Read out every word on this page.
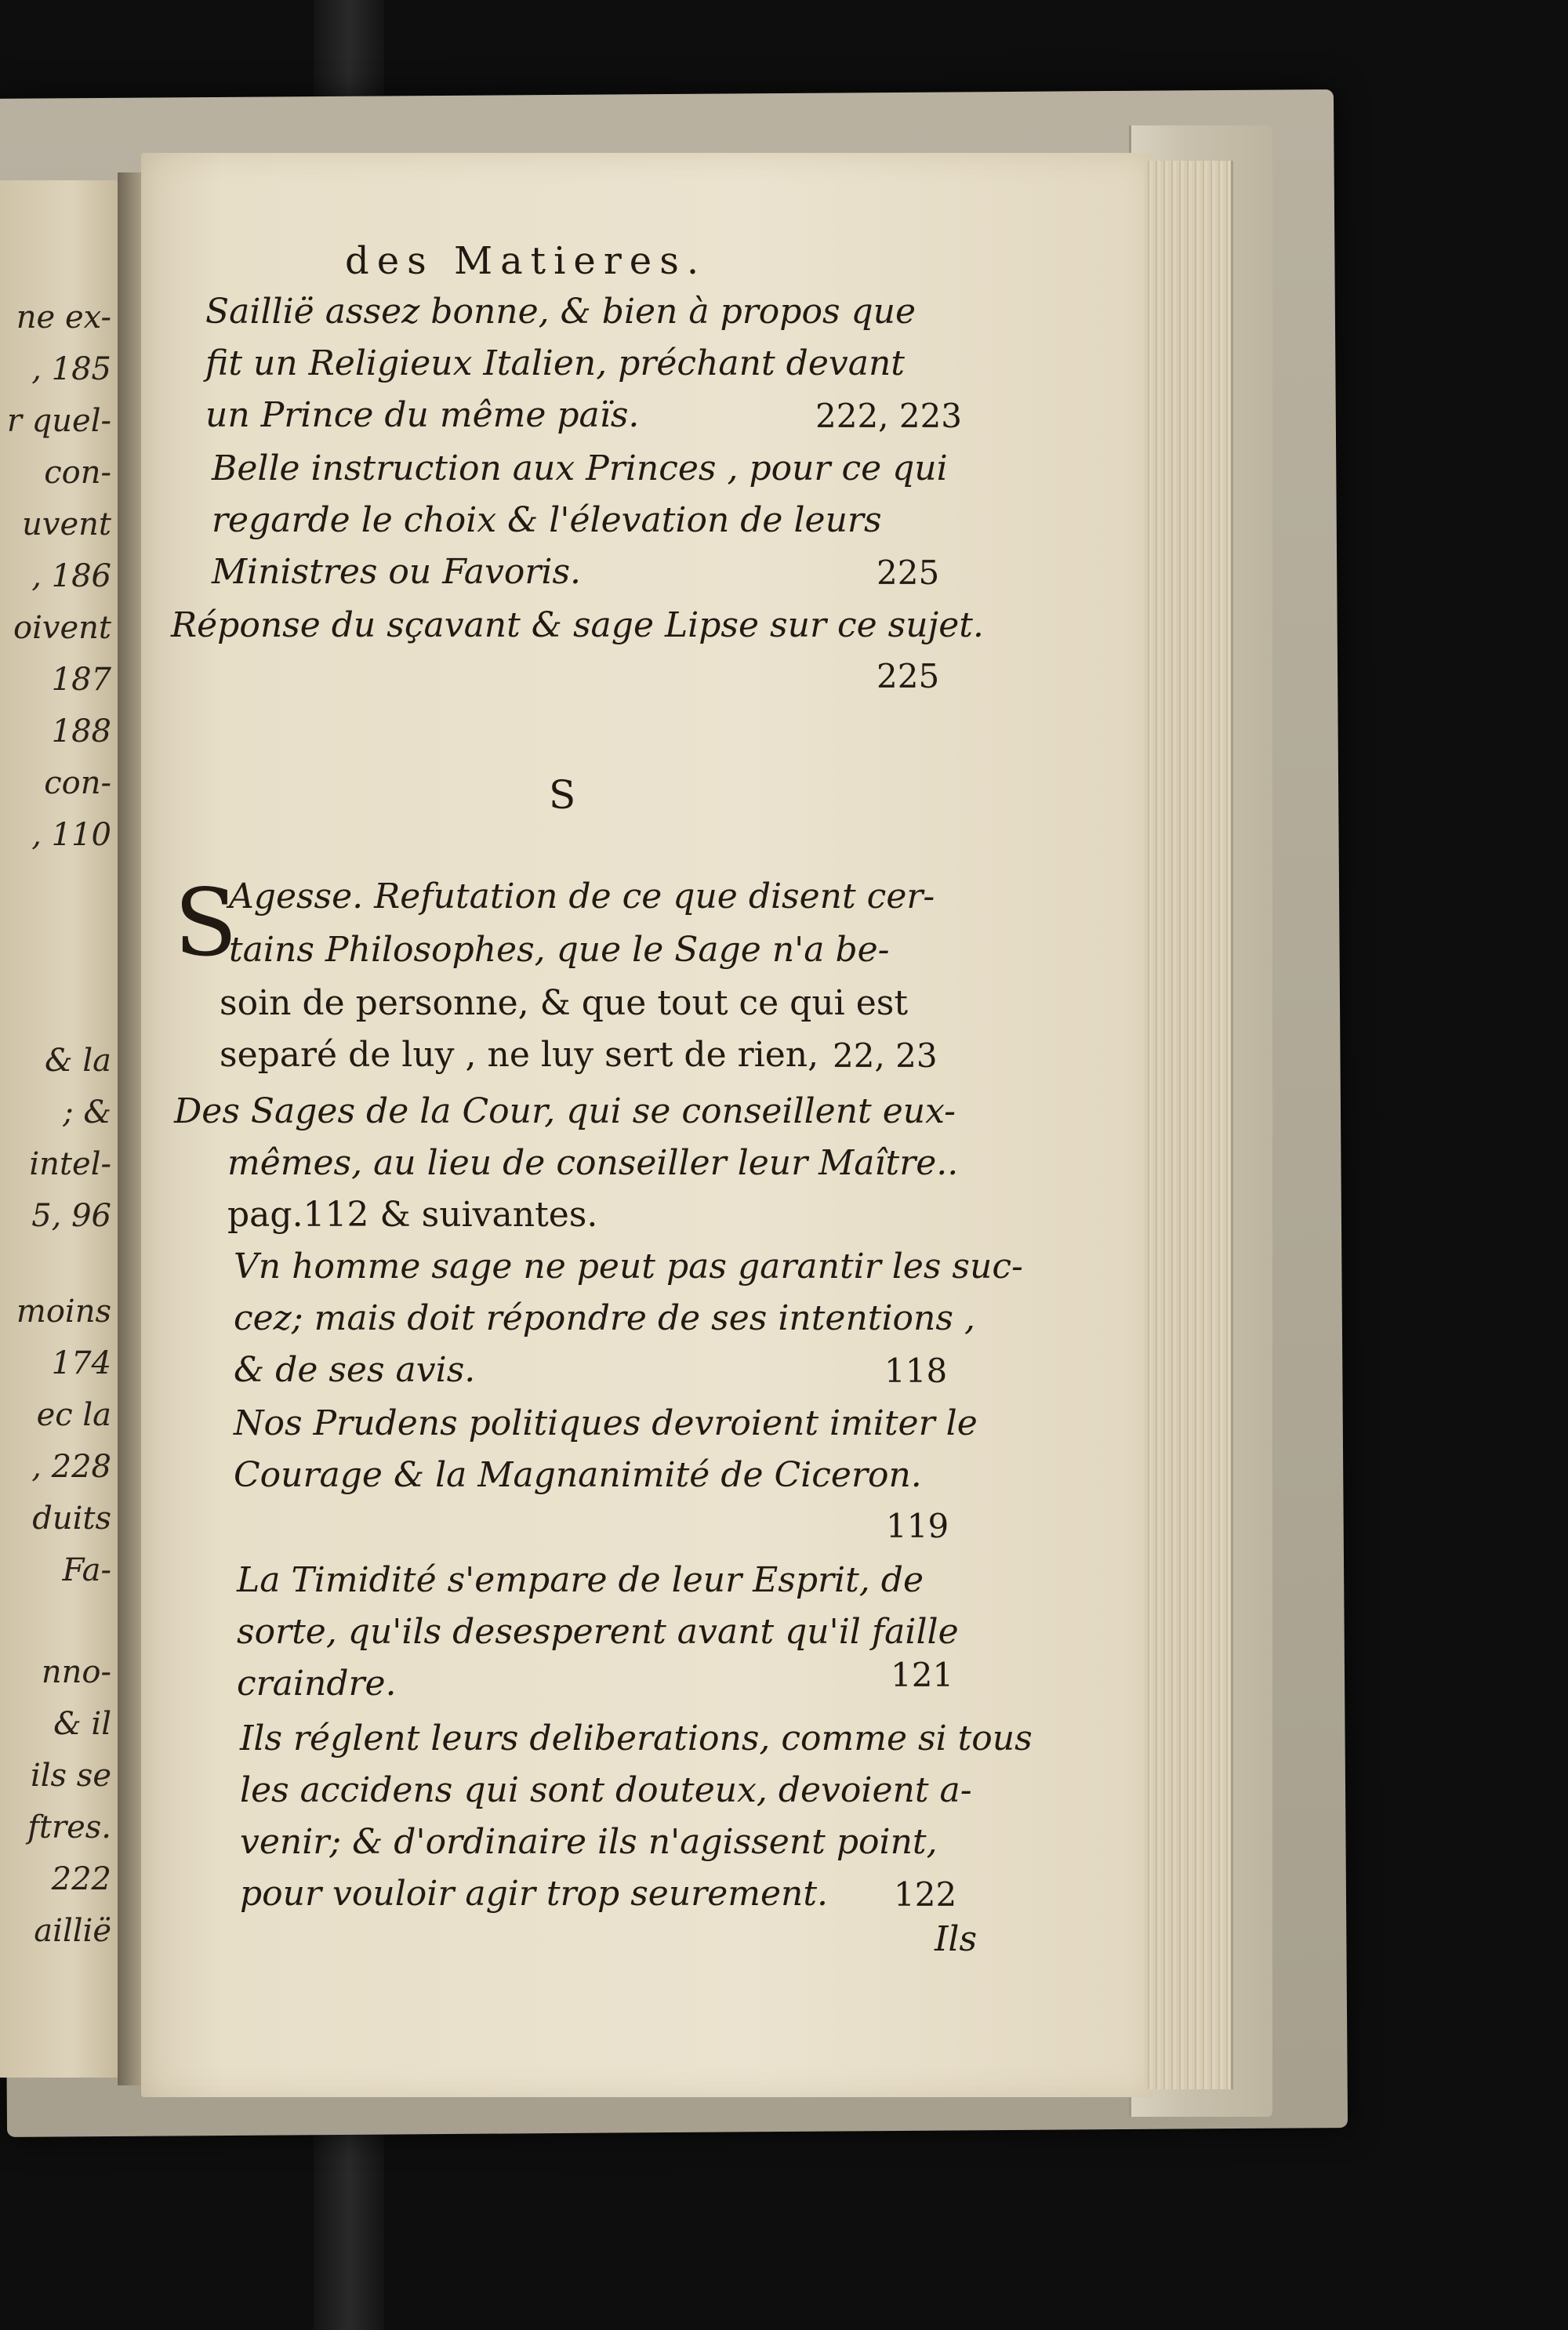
ne ex-
, 185
r quel-
con-
uvent
, 186
oivent
187
188
con-
, 110
& la
; &
intel-
5, 96
moins
174
ec la
, 228
duits
Fa-
nno-
& il
ils se
ftres.
222
aillië
des Matieres.
Saillië assez bonne, & bien à propos que
fit un Religieux Italien, préchant devant
un Prince du même païs.	222, 223
Belle instruction aux Princes , pour ce qui
regarde le choix & l'élevation de leurs
Ministres ou Favoris.	225
Réponse du sçavant & sage Lipse sur ce sujet.
225
S
S
Agesse. Refutation de ce que disent cer-
tains Philosophes, que le Sage n'a be-
soin de personne, & que tout ce qui est
separé de luy , ne luy sert de rien, 22, 23
Des Sages de la Cour, qui se conseillent eux-
mêmes, au lieu de conseiller leur Maître..
pag.112 & suivantes.
Vn homme sage ne peut pas garantir les suc-
cez; mais doit répondre de ses intentions ,
& de ses avis.	118
Nos Prudens politiques devroient imiter le
Courage & la Magnanimité de Ciceron.
119
La Timidité s'empare de leur Esprit, de
sorte, qu'ils desesperent avant qu'il faille
craindre.	121
Ils réglent leurs deliberations, comme si tous
les accidens qui sont douteux, devoient a-
venir; & d'ordinaire ils n'agissent point,
pour vouloir agir trop seurement. 122
Ils
